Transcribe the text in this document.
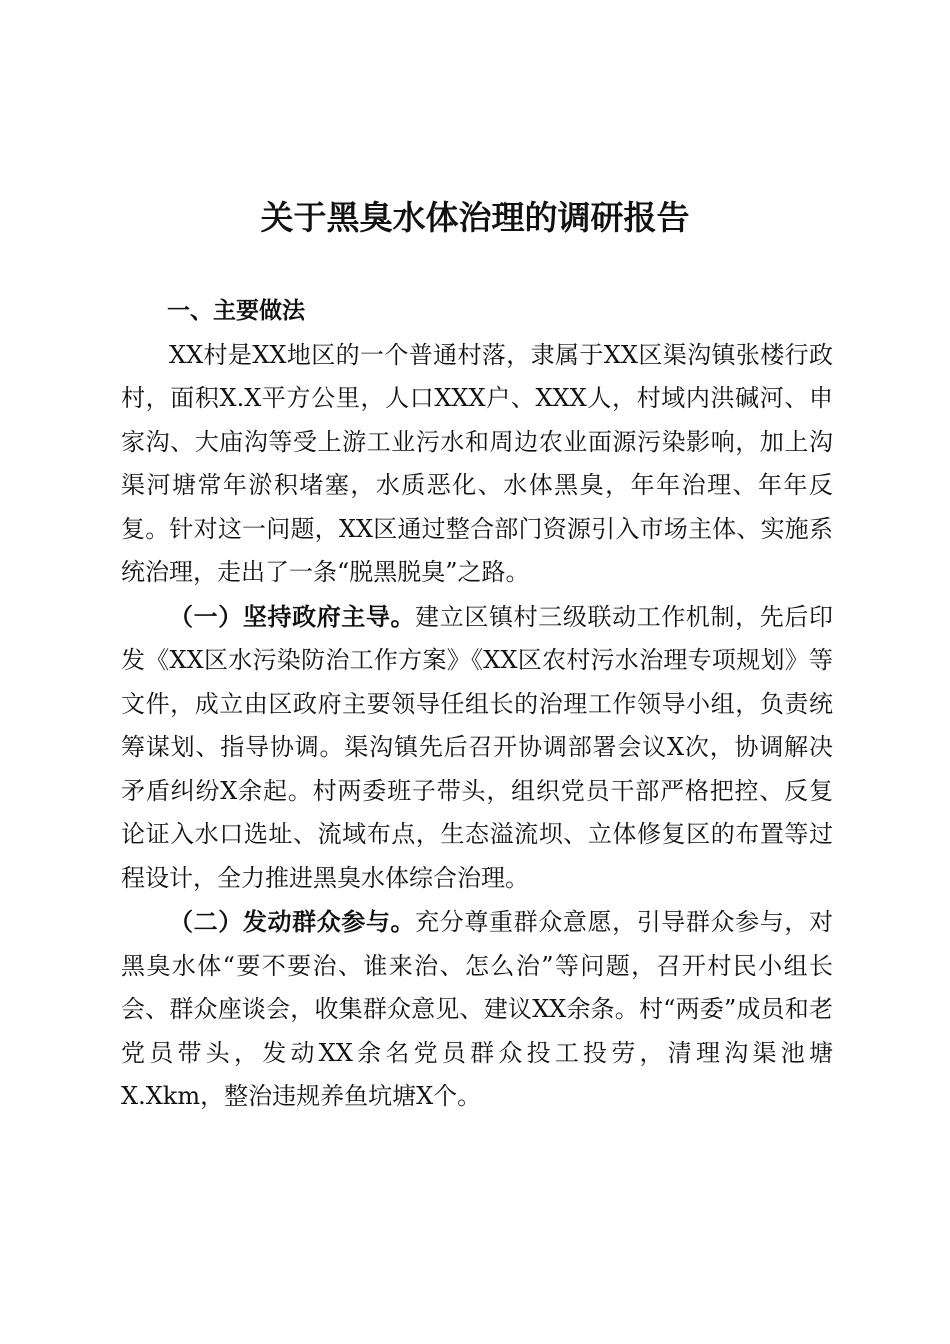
关于黑臭水体治理的调研报告

一、主要做法

XX村是XX地区的一个普通村落，隶属于XX区渠沟镇张楼行政村，面积X.X平方公里，人口XXX户、XXX人，村域内洪碱河、申家沟、大庙沟等受上游工业污水和周边农业面源污染影响，加上沟渠河塘常年淤积堵塞，水质恶化、水体黑臭，年年治理、年年反复。针对这一问题，XX区通过整合部门资源引入市场主体、实施系统治理，走出了一条“脱黑脱臭”之路。

（一）坚持政府主导。建立区镇村三级联动工作机制，先后印发《XX区水污染防治工作方案》《XX区农村污水治理专项规划》等文件，成立由区政府主要领导任组长的治理工作领导小组，负责统筹谋划、指导协调。渠沟镇先后召开协调部署会议X次，协调解决矛盾纠纷X余起。村两委班子带头，组织党员干部严格把控、反复论证入水口选址、流域布点，生态溢流坝、立体修复区的布置等过程设计，全力推进黑臭水体综合治理。

（二）发动群众参与。充分尊重群众意愿，引导群众参与，对黑臭水体“要不要治、谁来治、怎么治”等问题，召开村民小组长会、群众座谈会，收集群众意见、建议XX余条。村“两委”成员和老党员带头，发动XX余名党员群众投工投劳，清理沟渠池塘X.Xkm，整治违规养鱼坑塘X个。
